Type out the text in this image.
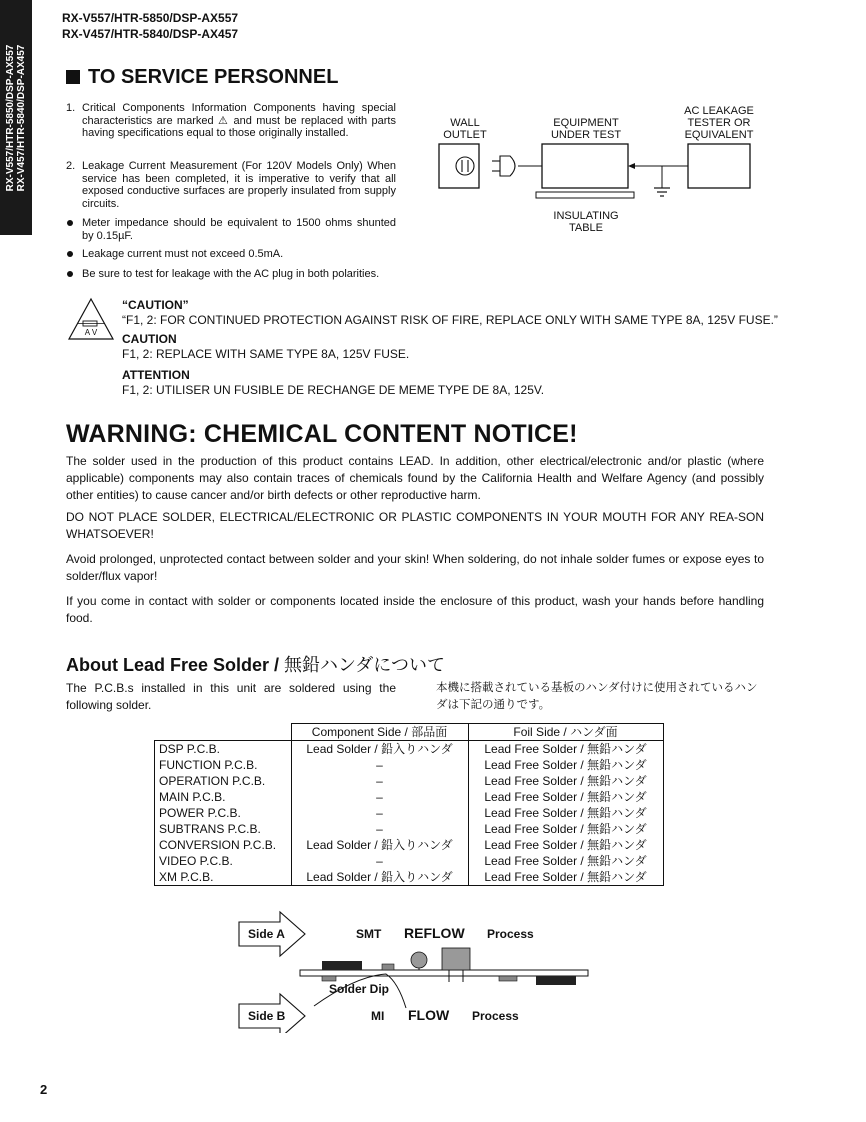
RX-V557/HTR-5850/DSP-AX557
RX-V457/HTR-5840/DSP-AX457
RX-V557/HTR-5850/DSP-AX557 RX-V457/HTR-5840/DSP-AX457	TO SERVICE PERSONNEL
1. Critical Components Information Components having special characteristics are marked ⚠ and must be replaced with parts having specifications equal to those originally installed.
2. Leakage Current Measurement (For 120V Models Only) When service has been completed, it is imperative to verify that all exposed conductive surfaces are properly insulated from supply circuits.
Meter impedance should be equivalent to 1500 ohms shunted by 0.15µF.
Leakage current must not exceed 0.5mA.
Be sure to test for leakage with the AC plug in both polarities.
WALL
OUTLET
EQUIPMENT
UNDER TEST
AC LEAKAGE
TESTER OR
EQUIVALENT
INSULATING
TABLE
A V
“CAUTION”
“F1, 2: FOR CONTINUED PROTECTION AGAINST RISK OF FIRE, REPLACE ONLY WITH SAME TYPE 8A, 125V FUSE.”
CAUTION
F1, 2: REPLACE WITH SAME TYPE 8A, 125V FUSE.
ATTENTION
F1, 2: UTILISER UN FUSIBLE DE RECHANGE DE MEME TYPE DE 8A, 125V.
WARNING: CHEMICAL CONTENT NOTICE!
The solder used in the production of this product contains LEAD. In addition, other electrical/electronic and/or plastic (where applicable) components may also contain traces of chemicals found by the California Health and Welfare Agency (and possibly other entities) to cause cancer and/or birth defects or other reproductive harm.
DO NOT PLACE SOLDER, ELECTRICAL/ELECTRONIC OR PLASTIC COMPONENTS IN YOUR MOUTH FOR ANY REA-SON WHATSOEVER!
Avoid prolonged, unprotected contact between solder and your skin! When soldering, do not inhale solder fumes or expose eyes to solder/flux vapor!
If you come in contact with solder or components located inside the enclosure of this product, wash your hands before handling food.
About Lead Free Solder / 無鉛ハンダについて
The P.C.B.s installed in this unit are soldered using the following solder.
本機に搭載されている基板のハンダ付けに使用されているハンダは下記の通りです。
	Component Side / 部品面	Foil Side / ハンダ面
DSP P.C.B.	Lead Solder / 鉛入りハンダ	Lead Free Solder / 無鉛ハンダ
FUNCTION P.C.B.	–	Lead Free Solder / 無鉛ハンダ
OPERATION P.C.B.	–	Lead Free Solder / 無鉛ハンダ
MAIN P.C.B.	–	Lead Free Solder / 無鉛ハンダ
POWER P.C.B.	–	Lead Free Solder / 無鉛ハンダ
SUBTRANS P.C.B.	–	Lead Free Solder / 無鉛ハンダ
CONVERSION P.C.B.	Lead Solder / 鉛入りハンダ	Lead Free Solder / 無鉛ハンダ
VIDEO P.C.B.	–	Lead Free Solder / 無鉛ハンダ
XM P.C.B.	Lead Solder / 鉛入りハンダ	Lead Free Solder / 無鉛ハンダ
Side A	SMT REFLOW Process
Solder Dip
Side B	MI FLOW Process
2
